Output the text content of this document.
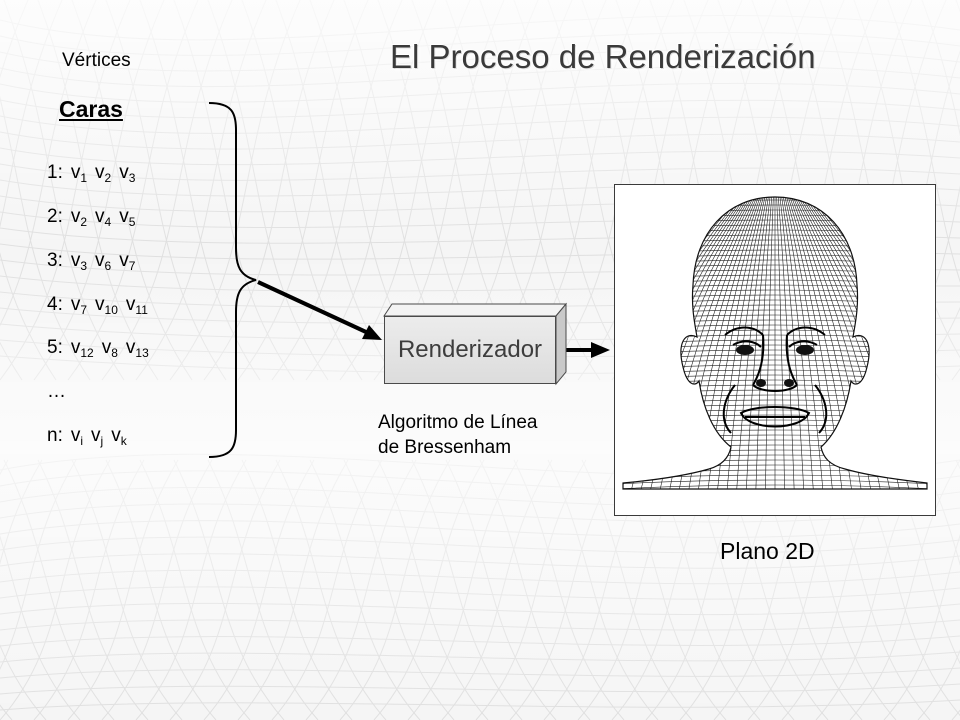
El Proceso de Renderización
Vértices
Caras
1: $v_1$ $v_2$ $v_3$
2: $v_2$ $v_4$ $v_5$
3: $v_3$ $v_6$ $v_7$
4: $v_7$ $v_{10}$ $v_{11}$
5: $v_{12}$ $v_8$ $v_{13}$
…
n: $v_i$ $v_j$ $v_k$
Renderizador
Algoritmo de Línea
de Bressenham
Plano 2D
